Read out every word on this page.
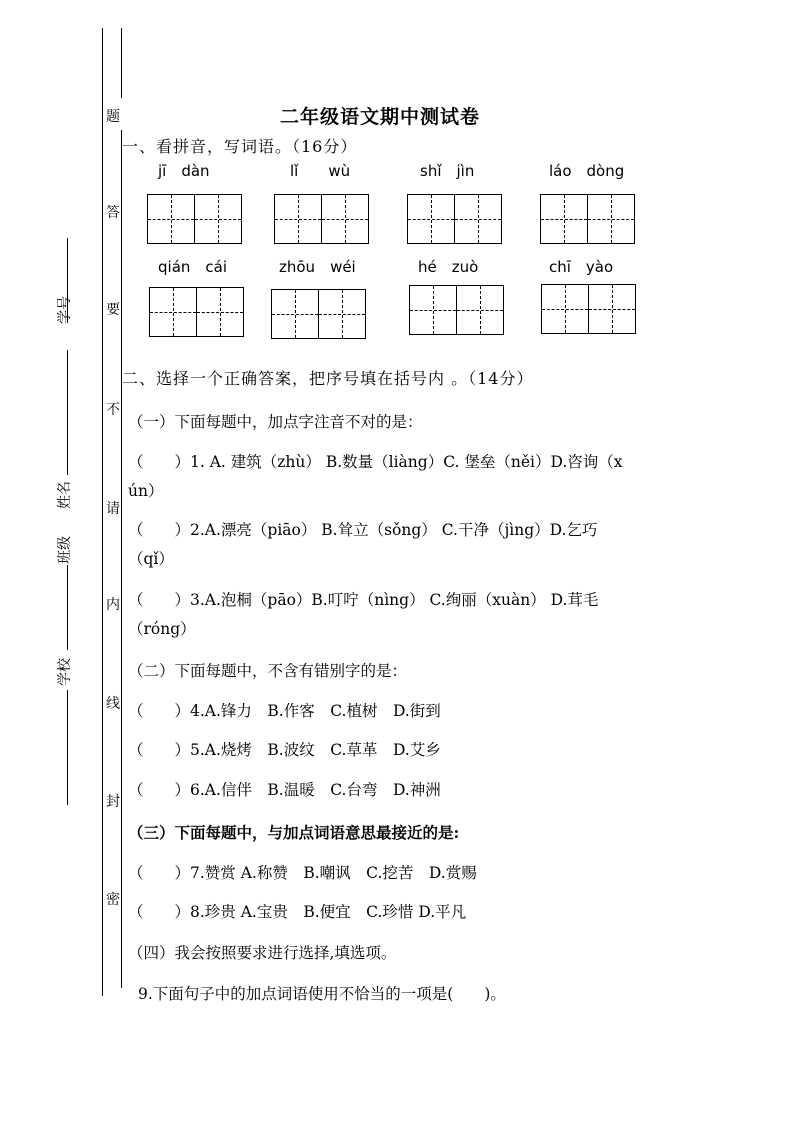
题
答
要
不
请
内
线
封
密
学号
姓名
班级
学校
二年级语文期中测试卷
一、看拼音，写词语。（16分）
jī　dàn	lǐ　　wù	shǐ　jìn	láo　dòng
qián　cái	zhōu　wéi	hé　zuò	chī　yào
二、选择一个正确答案，把序号填在括号内 。（14分）
（一）下面每题中，加点字注音不对的是：
（　　）1. A. 建筑（zhù） B.数量（liàng）C. 堡垒（něi）D.咨询（x
ún）
（　　）2.A.漂亮（piāo） B.耸立（sǒng） C.干净（jìng）D.乞巧
（qǐ）
（　　）3.A.泡桐（pāo）B.叮咛（nìng） C.绚丽（xuàn） D.茸毛
（róng）
（二）下面每题中，不含有错别字的是：
（　　）4.A.锋力　B.作客　C.植树　D.街到
（　　）5.A.烧烤　B.波纹　C.草革　D.艾乡
（　　）6.A.信伴　B.温暖　C.台弯　D.神洲
（三）下面每题中，与加点词语意思最接近的是:
（　　）7.赞赏 A.称赞　B.嘲讽　C.挖苦　D.赏赐
（　　）8.珍贵 A.宝贵　B.便宜　C.珍惜 D.平凡
（四）我会按照要求进行选择,填选项。
9.下面句子中的加点词语使用不恰当的一项是(　　)。
